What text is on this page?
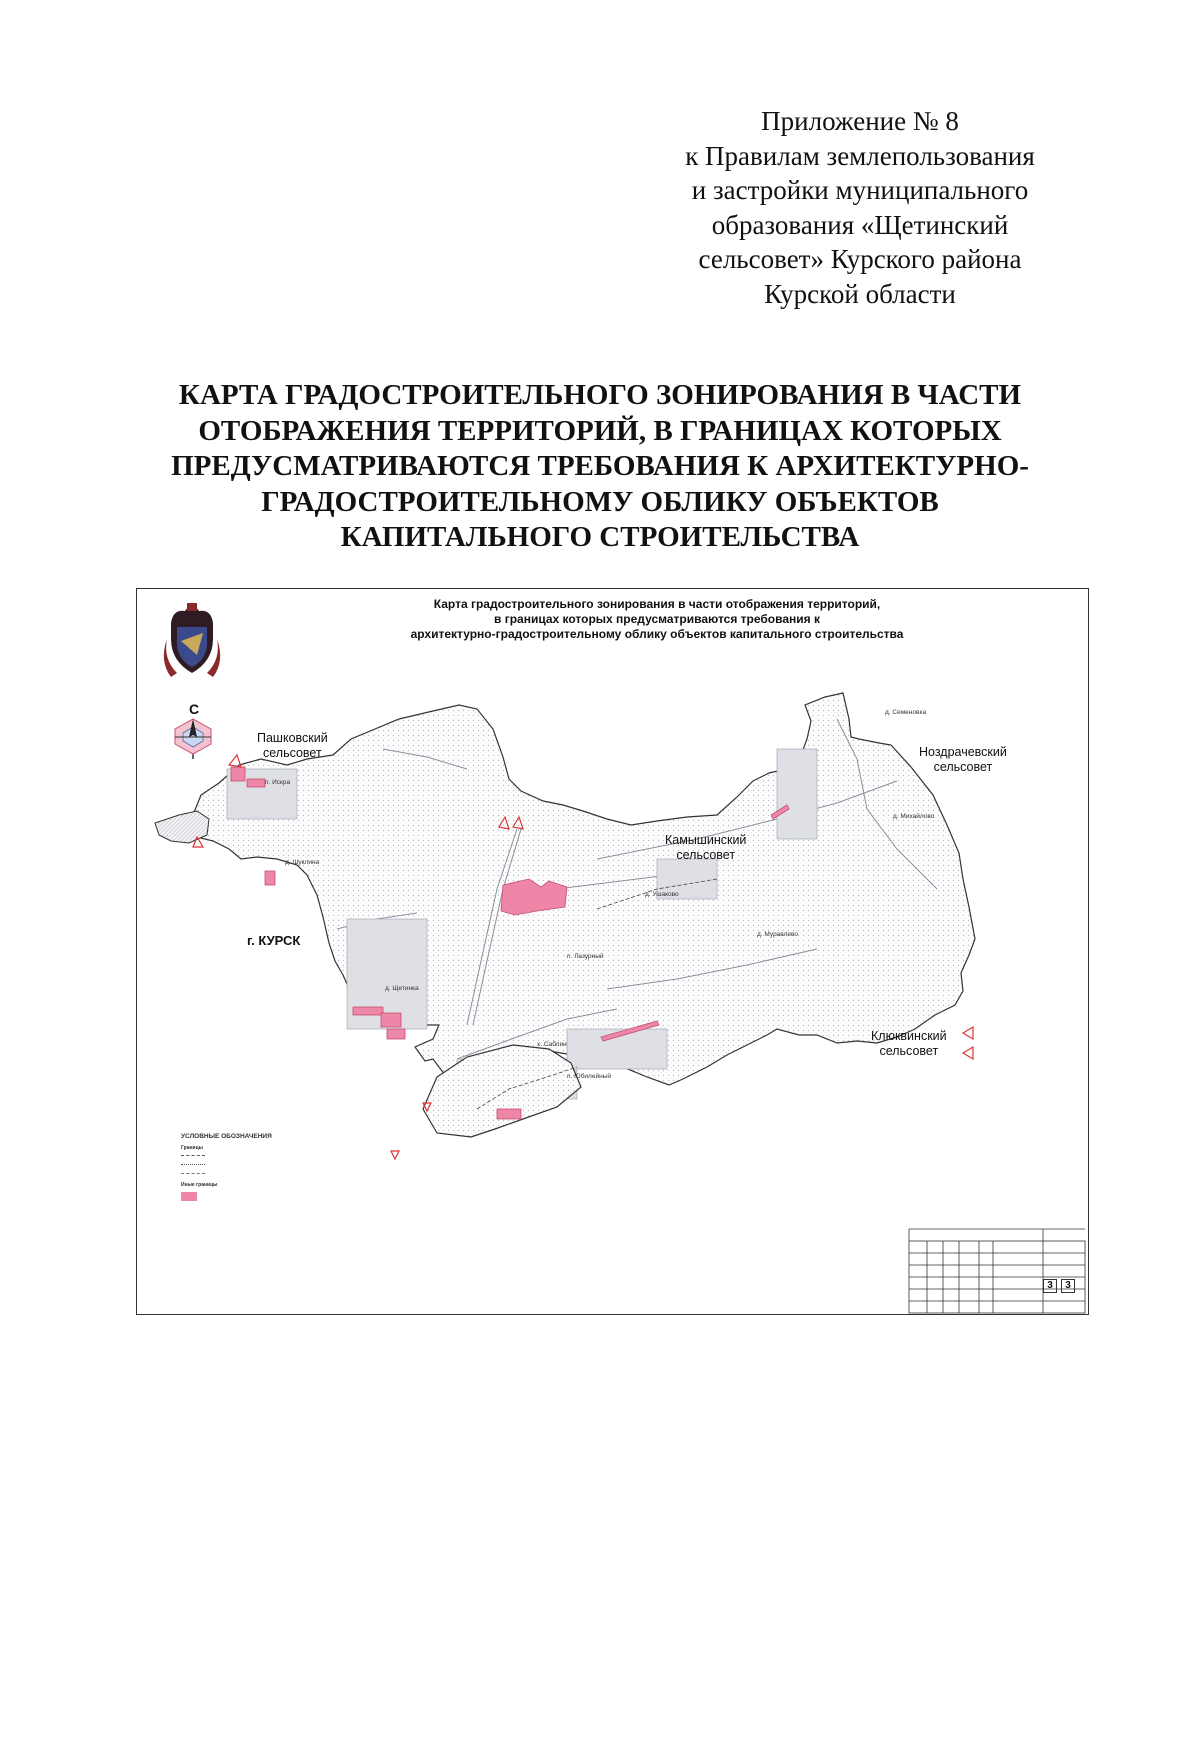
Приложение № 8
к Правилам землепользования
и застройки муниципального
образования «Щетинский
сельсовет» Курского района
Курской области
КАРТА ГРАДОСТРОИТЕЛЬНОГО ЗОНИРОВАНИЯ В ЧАСТИ
ОТОБРАЖЕНИЯ ТЕРРИТОРИЙ, В ГРАНИЦАХ КОТОРЫХ
ПРЕДУСМАТРИВАЮТСЯ ТРЕБОВАНИЯ К АРХИТЕКТУРНО-
ГРАДОСТРОИТЕЛЬНОМУ ОБЛИКУ ОБЪЕКТОВ
КАПИТАЛЬНОГО СТРОИТЕЛЬСТВА
Карта градостроительного зонирования в части отображения территорий,
в границах которых предусматриваются требования к
архитектурно-градостроительному облику объектов капитального строительства
С
Пашковский
сельсовет
Камышинский
сельсовет
Ноздрачевский
сельсовет
Клюквинский
сельсовет
г. КУРСК
п. Искра
д. Шуклина
д. Щетинка
п. Лазурный
д. Ушаково
д. Муравлево
д. Семеновка
д. Михайлово
х. Саблин
п. Юбилейный
УСЛОВНЫЕ ОБОЗНАЧЕНИЯ
Границы
Иные границы
3	3
